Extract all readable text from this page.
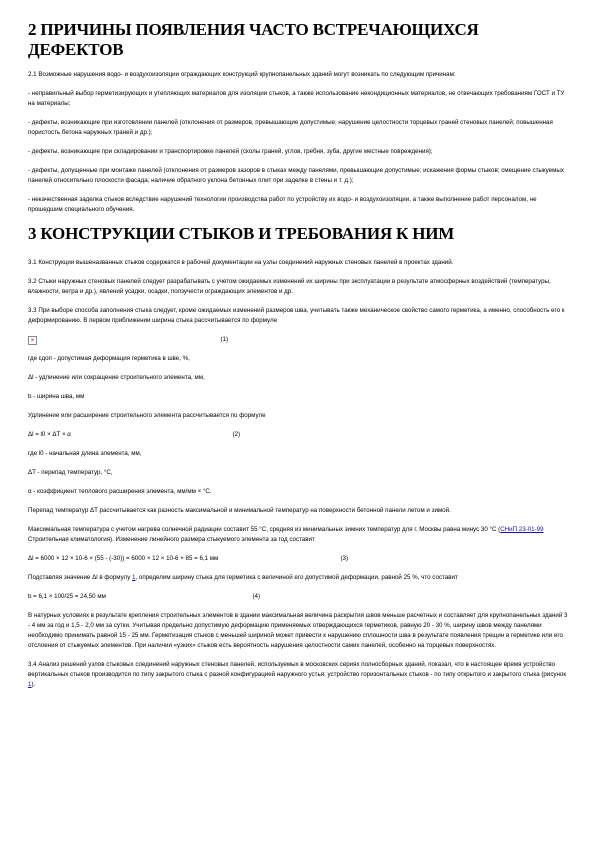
2 ПРИЧИНЫ ПОЯВЛЕНИЯ ЧАСТО ВСТРЕЧАЮЩИХСЯ ДЕФЕКТОВ

2.1 Возможные нарушения водо- и воздухоизоляции ограждающих конструкций крупнопанельных зданий могут возникать по следующим причинам:

- неправильный выбор герметизирующих и утепляющих материалов для изоляции стыков, а также использование некондиционных материалов, не отвечающих требованиям ГОСТ и ТУ на материалы;

- дефекты, возникающие при изготовлении панелей (отклонения от размеров, превышающие допустимые; нарушение целостности торцевых граней стеновых панелей; повышенная пористость бетона наружных граней и др.);

- дефекты, возникающие при складировании и транспортировке панелей (сколы граней, углов, гребня, зуба, другие местные повреждения);

- дефекты, допущенные при монтаже панелей (отклонения от размеров зазоров в стыках между панелями, превышающие допустимые; искажения формы стыков; смещение стыкуемых панелей относительно плоскости фасада; наличие обратного уклона бетонных плит при заделке в стены и т. д.);

- некачественная заделка стыков вследствие нарушений технологии производства работ по устройству их водо- и воздухоизоляции, а также выполнение работ персоналом, не прошедшим специального обучения.

3 КОНСТРУКЦИИ СТЫКОВ И ТРЕБОВАНИЯ К НИМ

3.1 Конструкции вышеназванных стыков содержатся в рабочей документации на узлы соединений наружных стеновых панелей в проектах зданий.

3.2 Стыки наружных стеновых панелей следует разрабатывать с учетом ожидаемых изменений их ширины при эксплуатации в результате атмосферных воздействий (температуры, влажности, ветра и др.), явлений усадки, осадки, ползучести ограждающих элементов и др.

3.3 При выборе способа заполнения стыка следует, кроме ожидаемых изменений размеров шва, учитывать также механическое свойство самого герметика, а именно, способность его к деформированию. В первом приближении ширина стыка рассчитывается по формуле

×	(1)

где εдоп - допустимая деформация герметика в шве, %,

Δl - удлинение или сокращение строительного элемента, мм,

b - ширина шва, мм

Удлинение или расширение строительного элемента рассчитывается по формуле

Δl = l0 × ΔT × α	(2)

где l0 - начальная длина элемента, мм,

ΔT - перепад температур, °С,

α - коэффициент теплового расширения элемента, мм/мм × °С.

Перепад температур ΔT рассчитывается как разность максимальной и минимальной температур на поверхности бетонной панели летом и зимой.

Максимальная температура с учетом нагрева солнечной радиации составит 55 °С, средняя из минимальных зимних температур для г. Москвы равна минус 30 °С (СНиП 23-01-99 Строительная климатология). Изменение линейного размера стыкуемого элемента за год составит

Δl = 6000 × 12 × 10-6 × (55 - (-30)) = 6000 × 12 × 10-6 × 85 = 6,1 мм	(3)

Подставляя значение Δl в формулу 1, определим ширину стыка для герметика с величиной его допустимой деформации, равной 25 %, что составит

b = 6,1 × 100/25 = 24,50 мм	(4)

В натурных условиях в результате крепления строительных элементов в здании максимальная величина раскрытия швов меньше расчетных и составляет для крупнопанельных зданий 3 - 4 мм за год и 1,5 - 2,0 мм за сутки. Учитывая предельно допустимую деформацию применяемых отверждающихся герметиков, равную 20 - 30 %, ширину швов между панелями необходимо принимать равной 15 - 25 мм. Герметизация стыков с меньшей шириной может привести к нарушению сплошности шва в результате появления трещин в герметике или его отслоения от стыкуемых элементов. При наличии «узких» стыков есть вероятность нарушения целостности самих панелей, особенно на торцевых поверхностях.

3.4 Анализ решений узлов стыковых соединений наружных стеновых панелей, используемых в московских сериях полносборных зданий, показал, что в настоящее время устройство вертикальных стыков производится по типу закрытого стыка с разной конфигурацией наружного устья; устройство горизонтальных стыков - по типу открытого и закрытого стыка (рисунок 1).
